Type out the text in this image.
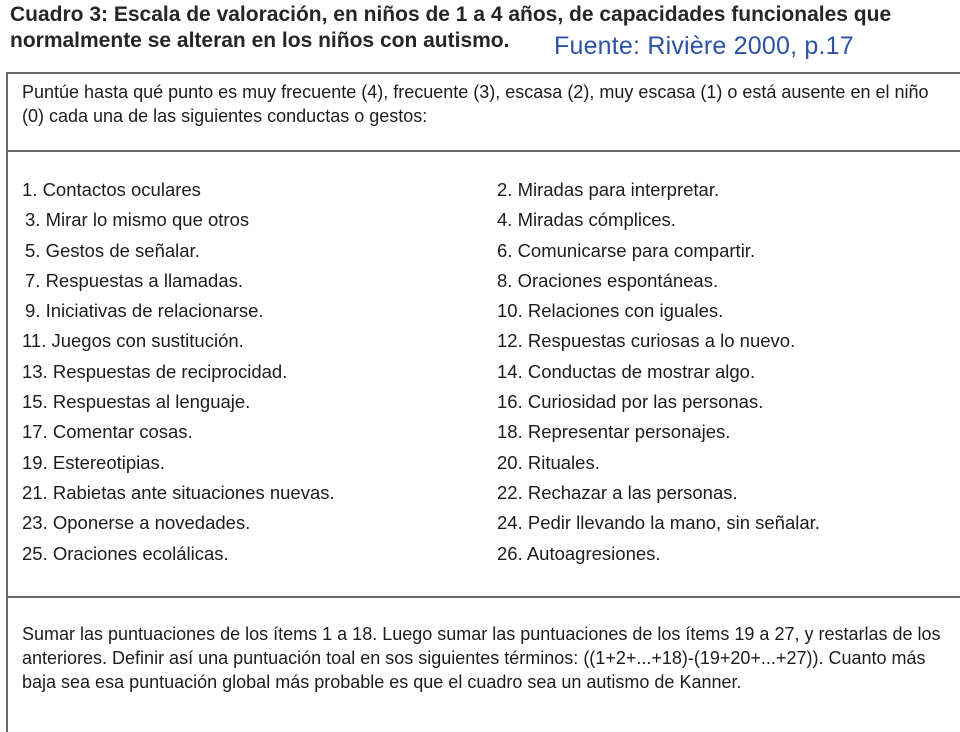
Cuadro 3: Escala de valoración, en niños de 1 a 4 años, de capacidades funcionales que normalmente se alteran en los niños con autismo.	Fuente: Rivière 2000, p.17

Puntúe hasta qué punto es muy frecuente (4), frecuente (3), escasa (2), muy escasa (1) o está ausente en el niño (0) cada una de las siguientes conductas o gestos:

1. Contactos oculares	2. Miradas para interpretar.
3. Mirar lo mismo que otros	4. Miradas cómplices.
5. Gestos de señalar.	6. Comunicarse para compartir.
7. Respuestas a llamadas.	8. Oraciones espontáneas.
9. Iniciativas de relacionarse.	10. Relaciones con iguales.
11. Juegos con sustitución.	12. Respuestas curiosas a lo nuevo.
13. Respuestas de reciprocidad.	14. Conductas de mostrar algo.
15. Respuestas al lenguaje.	16. Curiosidad por las personas.
17. Comentar cosas.	18. Representar personajes.
19. Estereotipias.	20. Rituales.
21. Rabietas ante situaciones nuevas.	22. Rechazar a las personas.
23. Oponerse a novedades.	24. Pedir llevando la mano, sin señalar.
25. Oraciones ecolálicas.	26. Autoagresiones.

Sumar las puntuaciones de los ítems 1 a 18. Luego sumar las puntuaciones de los ítems 19 a 27, y restarlas de los anteriores. Definir así una puntuación toal en sos siguientes términos: ((1+2+...+18)-(19+20+...+27)). Cuanto más baja sea esa puntuación global más probable es que el cuadro sea un autismo de Kanner.
